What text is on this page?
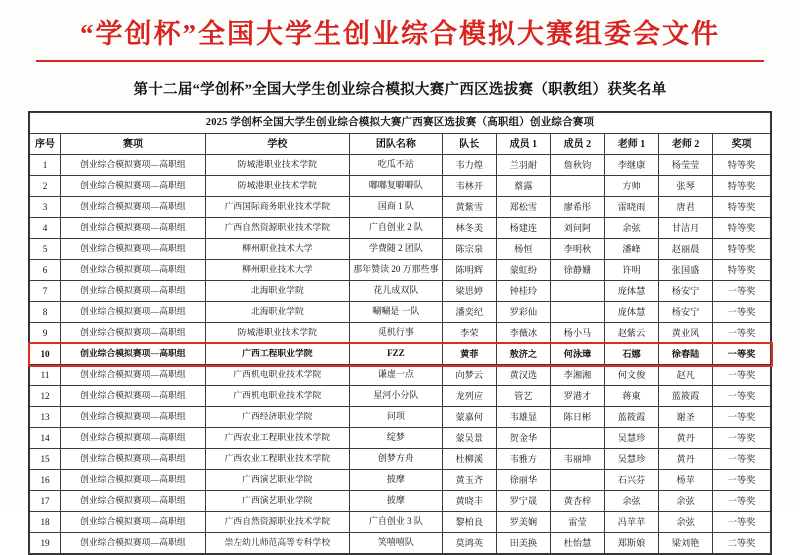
“学创杯”全国大学生创业综合模拟大赛组委会文件
第十二届“学创杯”全国大学生创业综合模拟大赛广西区选拔赛（职教组）获奖名单
2025 学创杯全国大学生创业综合模拟大赛广西赛区选拔赛（高职组）创业综合赛项									
序号	赛项	学校	团队名称	队长	成员 1	成员 2	老师 1	老师 2	奖项
1	创业综合模拟赛项—高职组	防城港职业技术学院	吃瓜不站	韦力煌	兰羽耐	詹秋钧	李继康	杨莹莹	特等奖
2	创业综合模拟赛项—高职组	防城港职业技术学院	嘟嘟复噼噼队	韦林开	蔡露		方帅	张琴	特等奖
3	创业综合模拟赛项—高职组	广西国际商务职业技术学院	国商 1 队	黄紫雪	郑松雪	廖希彤	雷晓雨	唐君	特等奖
4	创业综合模拟赛项—高职组	广西自然资源职业技术学院	广自创业 2 队	林冬美	杨建连	刘问阿	余弦	甘洁月	特等奖
5	创业综合模拟赛项—高职组	柳州职业技术大学	学费随 2 团队	陈宗泉	杨恒	李明秋	潘峰	赵丽晨	特等奖
6	创业综合模拟赛项—高职组	柳州职业技术大学	那年赞读 20 万那些事	陈明辉	蒙虹纷	徐静姗	许明	张国盛	特等奖
7	创业综合模拟赛项—高职组	北海职业学院	花儿成双队	梁思婷	钟桂玲		庞体慧	杨安宁	一等奖
8	创业综合模拟赛项—高职组	北海职业学院	唰唰是 一队	潘奕纪	罗彩仙		庞体慧	杨安宁	一等奖
9	创业综合模拟赛项—高职组	防城港职业技术学院	觅机行事	李荣	李薇冰	杨小马	赵紫云	黄业风	一等奖
10	创业综合模拟赛项—高职组	广西工程职业学院	FZZ	黄菲	敖济之	何泳璋	石娜	徐春陆	一等奖
11	创业综合模拟赛项—高职组	广西机电职业技术学院	谦虚一点	向梦云	黄汉选	李湘湘	何文俊	赵凡	一等奖
12	创业综合模拟赛项—高职组	广西机电职业技术学院	星河小分队	龙列应	管艺	罗港才	蒋東	蓝筱霞	一等奖
13	创业综合模拟赛项—高职组	广西经济职业学院	问项	蒙嘉何	韦雄显	陈日彬	蓝筱霞	谢圣	一等奖
14	创业综合模拟赛项—高职组	广西农业工程职业技术学院	绽梦	蒙吴景	贺金华		吴慧珍	黄丹	一等奖
15	创业综合模拟赛项—高职组	广西农业工程职业技术学院	创梦方舟	杜柳溪	韦雅方	韦丽坤	吴慧珍	黄丹	一等奖
16	创业综合模拟赛项—高职组	广西演艺职业学院	披摩	黄玉齐	徐丽华		石兴芬	杨苹	一等奖
17	创业综合模拟赛项—高职组	广西演艺职业学院	披摩	黄晓丰	罗宁晟	黄杏梓	余弦	余弦	一等奖
18	创业综合模拟赛项—高职组	广西自然资源职业技术学院	广自创业 3 队	黎柏良	罗美娴	雷莹	冯苹苹	余弦	一等奖
19	创业综合模拟赛项—高职组	崇左幼儿师范高等专科学校	笑嘻嘻队	莫鸿英	田美换	杜怡慧	郑斯娘	梁刘艳	二等奖
